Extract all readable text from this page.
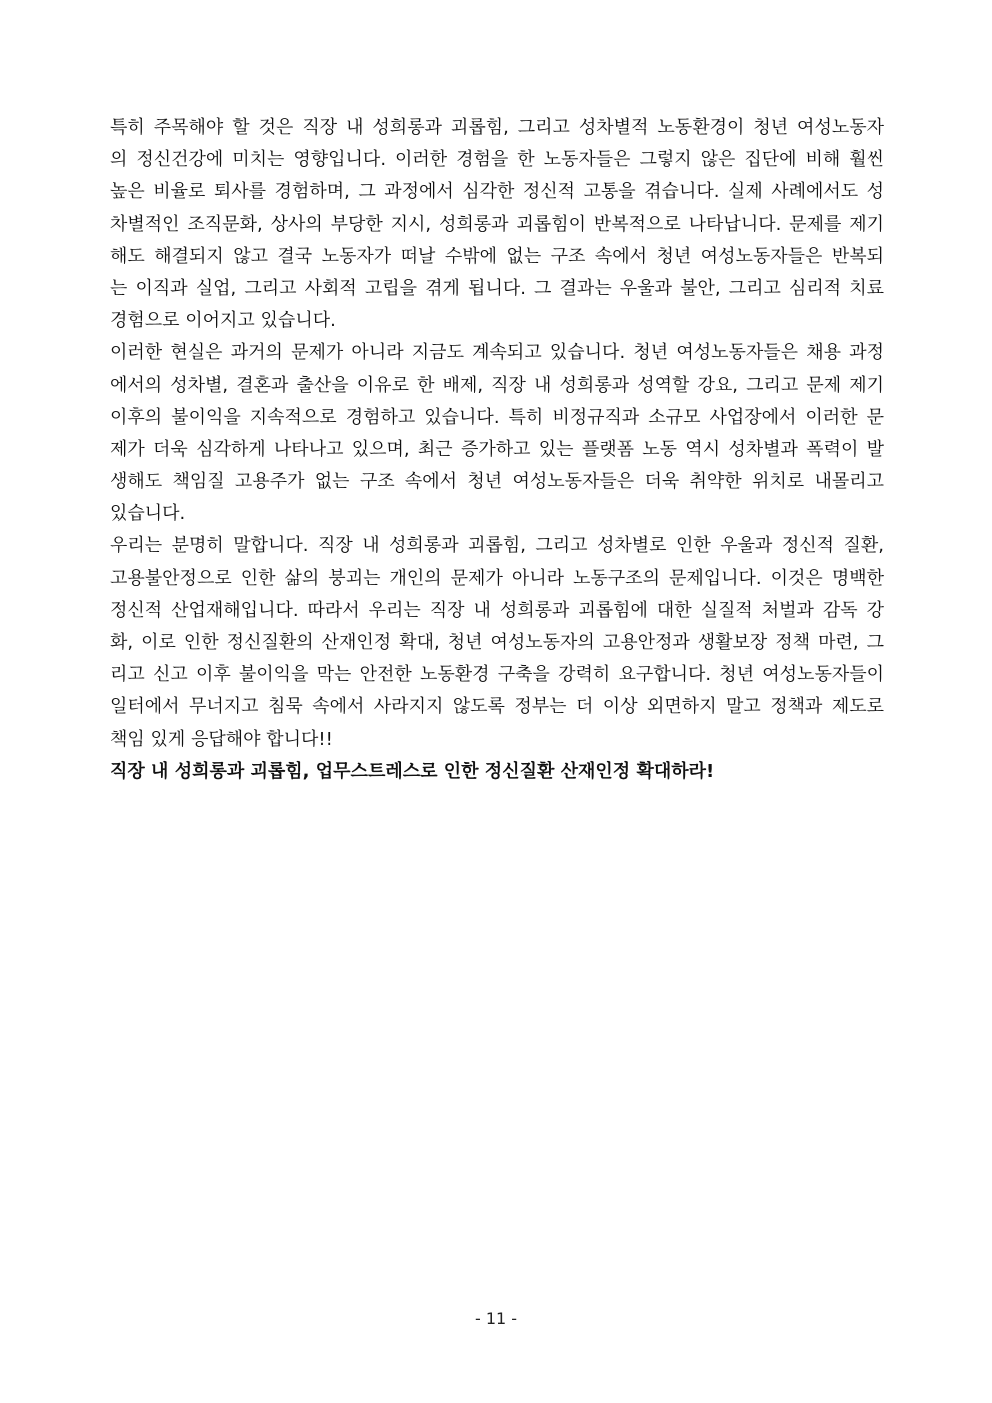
특히 주목해야 할 것은 직장 내 성희롱과 괴롭힘, 그리고 성차별적 노동환경이 청년 여성노동자
의 정신건강에 미치는 영향입니다. 이러한 경험을 한 노동자들은 그렇지 않은 집단에 비해 훨씬
높은 비율로 퇴사를 경험하며, 그 과정에서 심각한 정신적 고통을 겪습니다. 실제 사례에서도 성
차별적인 조직문화, 상사의 부당한 지시, 성희롱과 괴롭힘이 반복적으로 나타납니다. 문제를 제기
해도 해결되지 않고 결국 노동자가 떠날 수밖에 없는 구조 속에서 청년 여성노동자들은 반복되
는 이직과 실업, 그리고 사회적 고립을 겪게 됩니다. 그 결과는 우울과 불안, 그리고 심리적 치료
경험으로 이어지고 있습니다.
이러한 현실은 과거의 문제가 아니라 지금도 계속되고 있습니다. 청년 여성노동자들은 채용 과정
에서의 성차별, 결혼과 출산을 이유로 한 배제, 직장 내 성희롱과 성역할 강요, 그리고 문제 제기
이후의 불이익을 지속적으로 경험하고 있습니다. 특히 비정규직과 소규모 사업장에서 이러한 문
제가 더욱 심각하게 나타나고 있으며, 최근 증가하고 있는 플랫폼 노동 역시 성차별과 폭력이 발
생해도 책임질 고용주가 없는 구조 속에서 청년 여성노동자들은 더욱 취약한 위치로 내몰리고
있습니다.
우리는 분명히 말합니다. 직장 내 성희롱과 괴롭힘, 그리고 성차별로 인한 우울과 정신적 질환,
고용불안정으로 인한 삶의 붕괴는 개인의 문제가 아니라 노동구조의 문제입니다. 이것은 명백한
정신적 산업재해입니다. 따라서 우리는 직장 내 성희롱과 괴롭힘에 대한 실질적 처벌과 감독 강
화, 이로 인한 정신질환의 산재인정 확대, 청년 여성노동자의 고용안정과 생활보장 정책 마련, 그
리고 신고 이후 불이익을 막는 안전한 노동환경 구축을 강력히 요구합니다. 청년 여성노동자들이
일터에서 무너지고 침묵 속에서 사라지지 않도록 정부는 더 이상 외면하지 말고 정책과 제도로
책임 있게 응답해야 합니다!!
직장 내 성희롱과 괴롭힘, 업무스트레스로 인한 정신질환 산재인정 확대하라!
- 11 -
